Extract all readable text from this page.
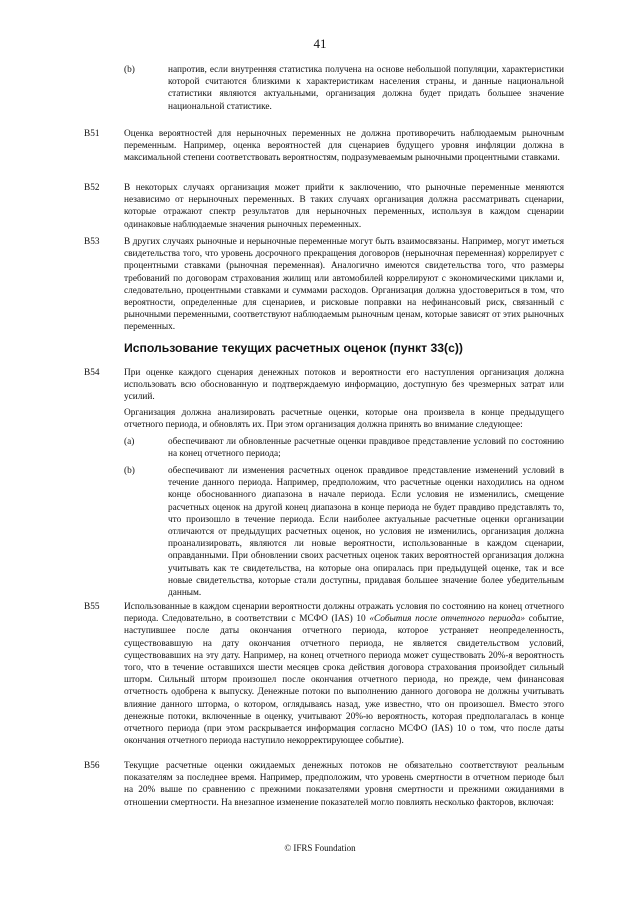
41
(b)	напротив, если внутренняя статистика получена на основе небольшой популяции, характеристики которой считаются близкими к характеристикам населения страны, и данные национальной статистики являются актуальными, организация должна будет придать большее значение национальной статистике.

B51	Оценка вероятностей для нерыночных переменных не должна противоречить наблюдаемым рыночным переменным. Например, оценка вероятностей для сценариев будущего уровня инфляции должна в максимальной степени соответствовать вероятностям, подразумеваемым рыночными процентными ставками.

B52	В некоторых случаях организация может прийти к заключению, что рыночные переменные меняются независимо от нерыночных переменных. В таких случаях организация должна рассматривать сценарии, которые отражают спектр результатов для нерыночных переменных, используя в каждом сценарии одинаковые наблюдаемые значения рыночных переменных.

B53	В других случаях рыночные и нерыночные переменные могут быть взаимосвязаны. Например, могут иметься свидетельства того, что уровень досрочного прекращения договоров (нерыночная переменная) коррелирует с процентными ставками (рыночная переменная). Аналогично имеются свидетельства того, что размеры требований по договорам страхования жилищ или автомобилей коррелируют с экономическими циклами и, следовательно, процентными ставками и суммами расходов. Организация должна удостовериться в том, что вероятности, определенные для сценариев, и рисковые поправки на нефинансовый риск, связанный с рыночными переменными, соответствуют наблюдаемым рыночным ценам, которые зависят от этих рыночных переменных.

Использование текущих расчетных оценок (пункт 33(с))
B54	При оценке каждого сценария денежных потоков и вероятности его наступления организация должна использовать всю обоснованную и подтверждаемую информацию, доступную без чрезмерных затрат или усилий.

Организация должна анализировать расчетные оценки, которые она произвела в конце предыдущего отчетного периода, и обновлять их. При этом организация должна принять во внимание следующее:

(a)	обеспечивают ли обновленные расчетные оценки правдивое представление условий по состоянию на конец отчетного периода;

(b)	обеспечивают ли изменения расчетных оценок правдивое представление изменений условий в течение данного периода. Например, предположим, что расчетные оценки находились на одном конце обоснованного диапазона в начале периода. Если условия не изменились, смещение расчетных оценок на другой конец диапазона в конце периода не будет правдиво представлять то, что произошло в течение периода. Если наиболее актуальные расчетные оценки организации отличаются от предыдущих расчетных оценок, но условия не изменились, организация должна проанализировать, являются ли новые вероятности, использованные в каждом сценарии, оправданными. При обновлении своих расчетных оценок таких вероятностей организация должна учитывать как те свидетельства, на которые она опиралась при предыдущей оценке, так и все новые свидетельства, которые стали доступны, придавая большее значение более убедительным данным.

B55	Использованные в каждом сценарии вероятности должны отражать условия по состоянию на конец отчетного периода. Следовательно, в соответствии с МСФО (IAS) 10 «События после отчетного периода» событие, наступившее после даты окончания отчетного периода, которое устраняет неопределенность, существовавшую на дату окончания отчетного периода, не является свидетельством условий, существовавших на эту дату. Например, на конец отчетного периода может существовать 20%-я вероятность того, что в течение оставшихся шести месяцев срока действия договора страхования произойдет сильный шторм. Сильный шторм произошел после окончания отчетного периода, но прежде, чем финансовая отчетность одобрена к выпуску. Денежные потоки по выполнению данного договора не должны учитывать влияние данного шторма, о котором, оглядываясь назад, уже известно, что он произошел. Вместо этого денежные потоки, включенные в оценку, учитывают 20%-ю вероятность, которая предполагалась в конце отчетного периода (при этом раскрывается информация согласно МСФО (IAS) 10 о том, что после даты окончания отчетного периода наступило некорректирующее событие).

B56	Текущие расчетные оценки ожидаемых денежных потоков не обязательно соответствуют реальным показателям за последнее время. Например, предположим, что уровень смертности в отчетном периоде был на 20% выше по сравнению с прежними показателями уровня смертности и прежними ожиданиями в отношении смертности. На внезапное изменение показателей могло повлиять несколько факторов, включая:

© IFRS Foundation
